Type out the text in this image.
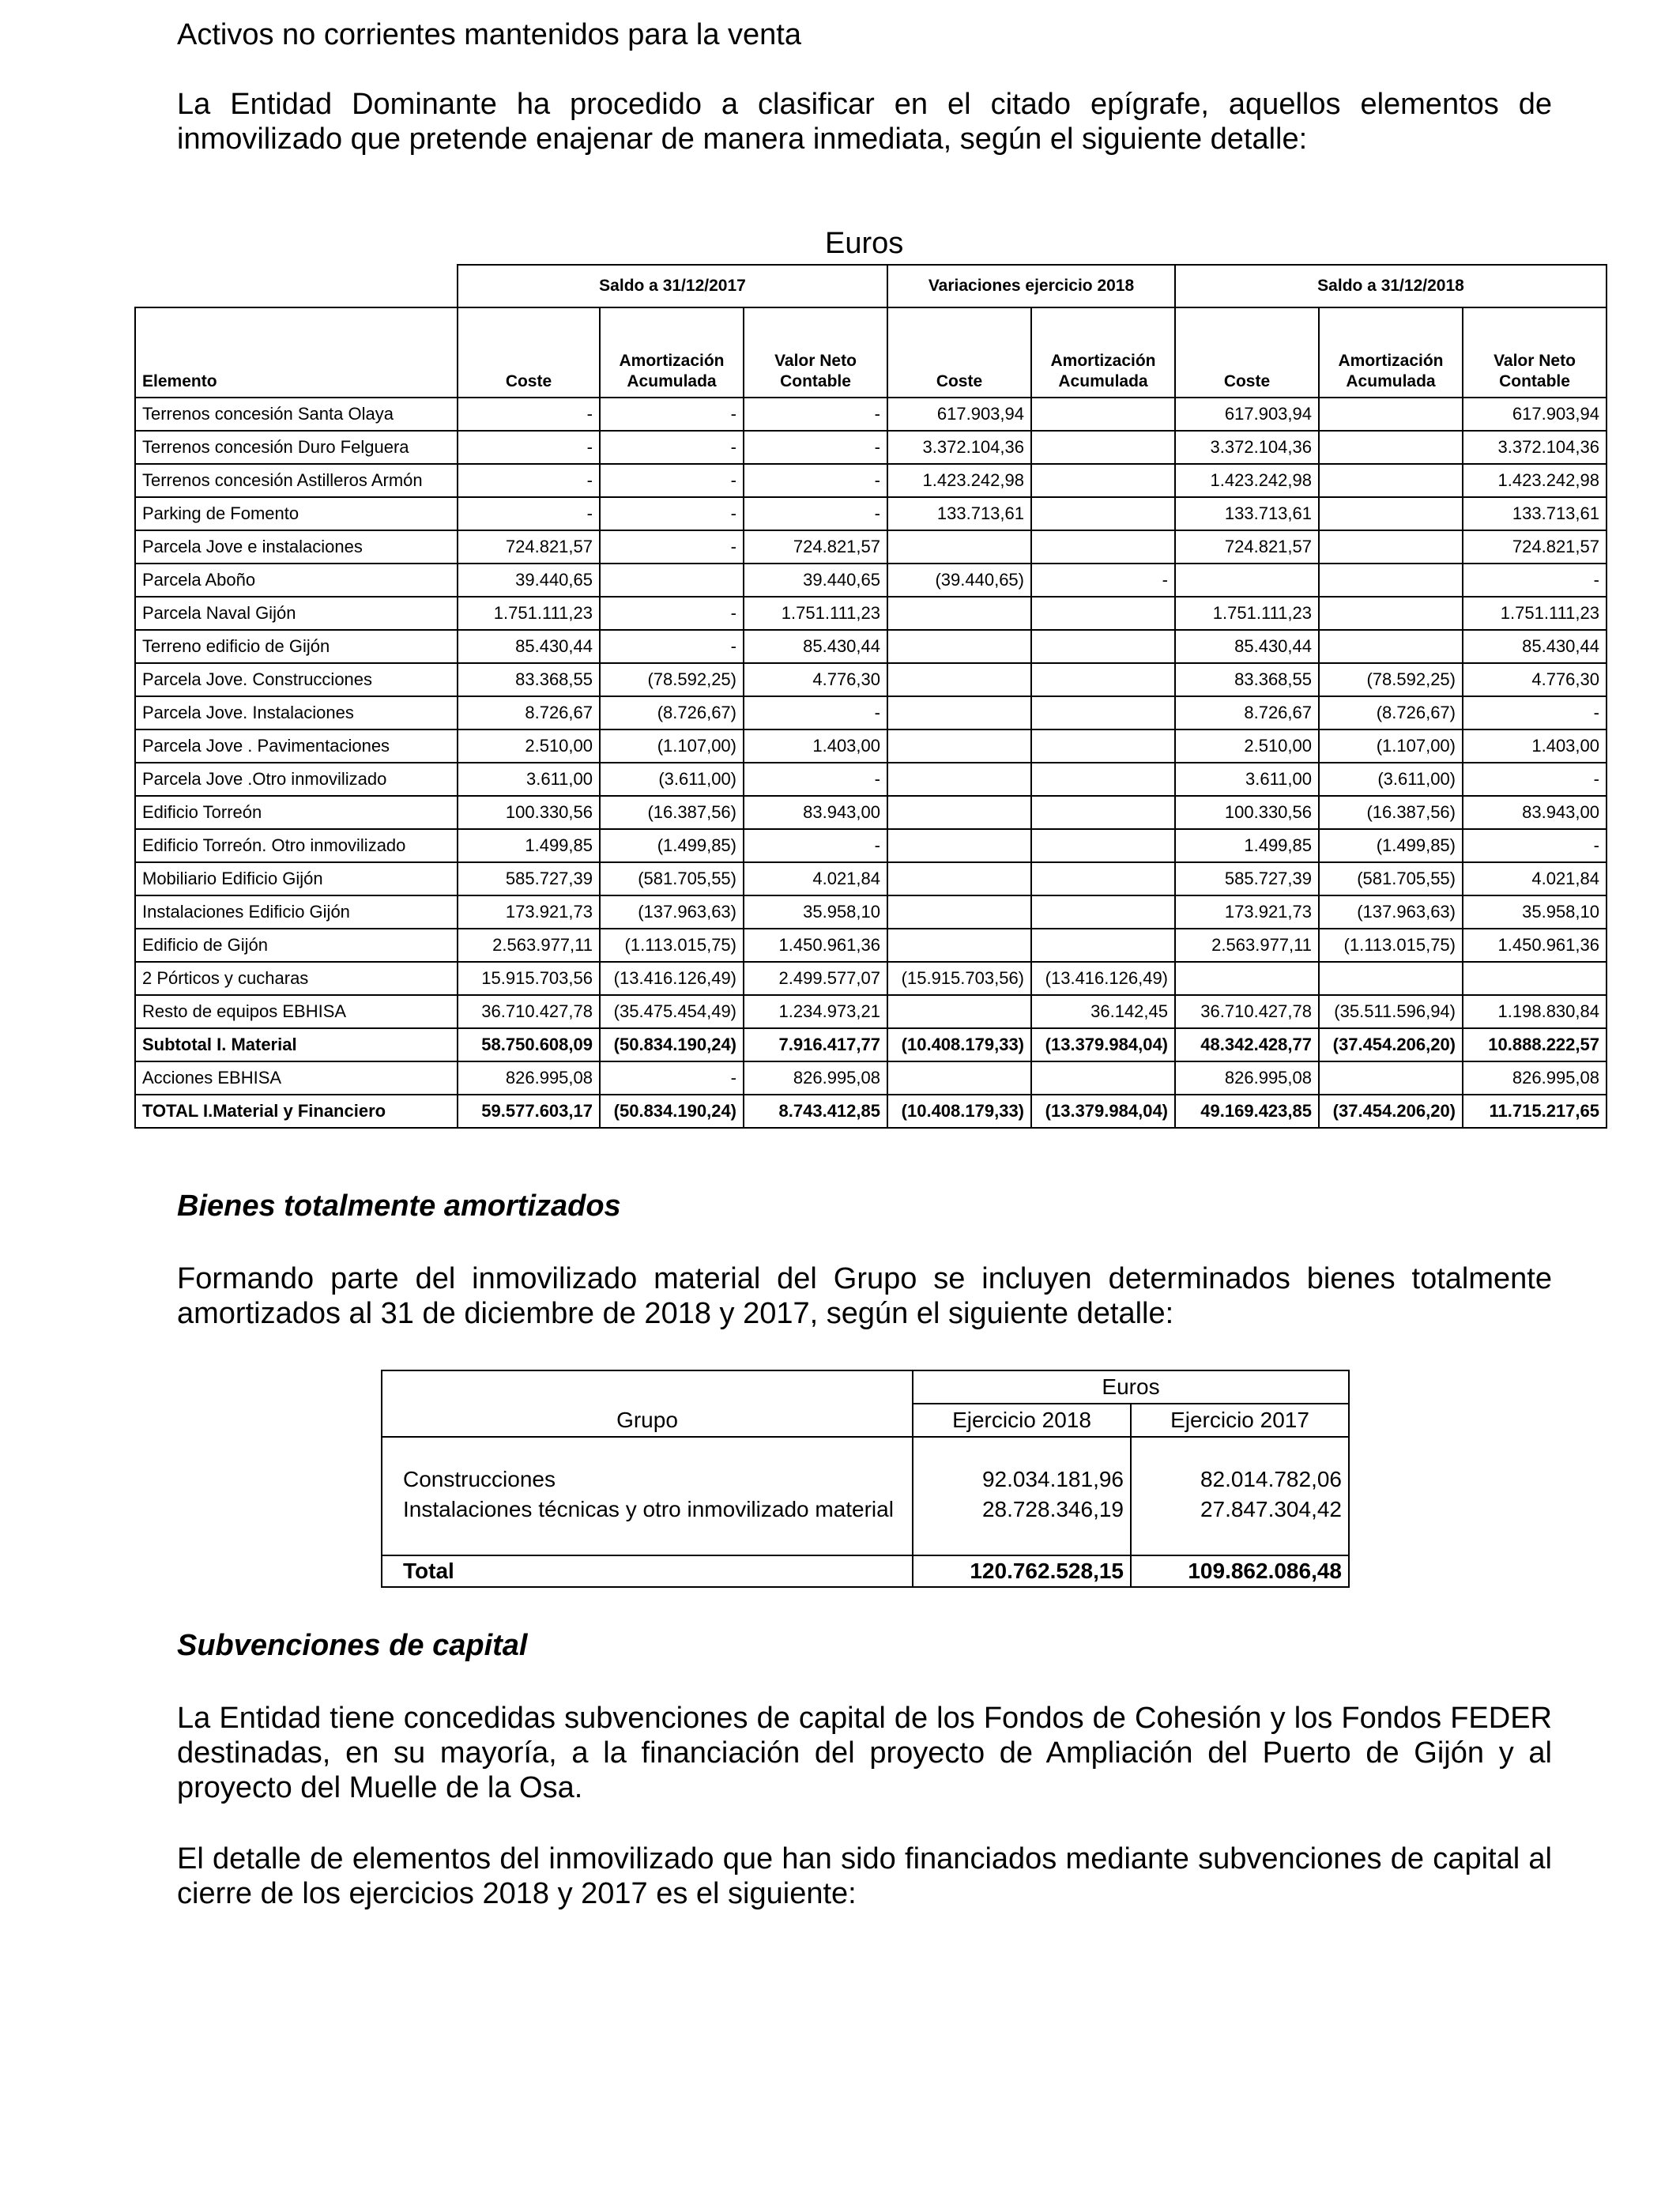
Activos no corrientes mantenidos para la venta

La Entidad Dominante ha procedido a clasificar en el citado epígrafe, aquellos elementos de inmovilizado que pretende enajenar de manera inmediata, según el siguiente detalle:

Euros
	Saldo a 31/12/2017			Variaciones ejercicio 2018		Saldo a 31/12/2018		
Elemento	Coste	Amortización Acumulada	Valor Neto Contable	Coste	Amortización Acumulada	Coste	Amortización Acumulada	Valor Neto Contable
Terrenos concesión Santa Olaya	-	-	-	617.903,94		617.903,94		617.903,94
Terrenos concesión Duro Felguera	-	-	-	3.372.104,36		3.372.104,36		3.372.104,36
Terrenos concesión Astilleros Armón	-	-	-	1.423.242,98		1.423.242,98		1.423.242,98
Parking de Fomento	-	-	-	133.713,61		133.713,61		133.713,61
Parcela Jove e instalaciones	724.821,57	-	724.821,57			724.821,57		724.821,57
Parcela Aboño	39.440,65		39.440,65	(39.440,65)	-			-
Parcela Naval Gijón	1.751.111,23	-	1.751.111,23			1.751.111,23		1.751.111,23
Terreno edificio de Gijón	85.430,44	-	85.430,44			85.430,44		85.430,44
Parcela Jove. Construcciones	83.368,55	(78.592,25)	4.776,30			83.368,55	(78.592,25)	4.776,30
Parcela Jove. Instalaciones	8.726,67	(8.726,67)	-			8.726,67	(8.726,67)	-
Parcela Jove . Pavimentaciones	2.510,00	(1.107,00)	1.403,00			2.510,00	(1.107,00)	1.403,00
Parcela Jove .Otro inmovilizado	3.611,00	(3.611,00)	-			3.611,00	(3.611,00)	-
Edificio Torreón	100.330,56	(16.387,56)	83.943,00			100.330,56	(16.387,56)	83.943,00
Edificio Torreón. Otro inmovilizado	1.499,85	(1.499,85)	-			1.499,85	(1.499,85)	-
Mobiliario Edificio Gijón	585.727,39	(581.705,55)	4.021,84			585.727,39	(581.705,55)	4.021,84
Instalaciones Edificio Gijón	173.921,73	(137.963,63)	35.958,10			173.921,73	(137.963,63)	35.958,10
Edificio de Gijón	2.563.977,11	(1.113.015,75)	1.450.961,36			2.563.977,11	(1.113.015,75)	1.450.961,36
2 Pórticos y cucharas	15.915.703,56	(13.416.126,49)	2.499.577,07	(15.915.703,56)	(13.416.126,49)			
Resto de equipos EBHISA	36.710.427,78	(35.475.454,49)	1.234.973,21		36.142,45	36.710.427,78	(35.511.596,94)	1.198.830,84
Subtotal I. Material	58.750.608,09	(50.834.190,24)	7.916.417,77	(10.408.179,33)	(13.379.984,04)	48.342.428,77	(37.454.206,20)	10.888.222,57
Acciones EBHISA	826.995,08	-	826.995,08			826.995,08		826.995,08
TOTAL I.Material y Financiero	59.577.603,17	(50.834.190,24)	8.743.412,85	(10.408.179,33)	(13.379.984,04)	49.169.423,85	(37.454.206,20)	11.715.217,65

Bienes totalmente amortizados

Formando parte del inmovilizado material del Grupo se incluyen determinados bienes totalmente amortizados al 31 de diciembre de 2018 y 2017, según el siguiente detalle:

	Euros	
Grupo	Ejercicio 2018	Ejercicio 2017

Construcciones	92.034.181,96	82.014.782,06
Instalaciones técnicas y otro inmovilizado material	28.728.346,19	27.847.304,42

Total	120.762.528,15	109.862.086,48

Subvenciones de capital

La Entidad tiene concedidas subvenciones de capital de los Fondos de Cohesión y los Fondos FEDER destinadas, en su mayoría, a la financiación del proyecto de Ampliación del Puerto de Gijón y al proyecto del Muelle de la Osa.

El detalle de elementos del inmovilizado que han sido financiados mediante subvenciones de capital al cierre de los ejercicios 2018 y 2017 es el siguiente:
